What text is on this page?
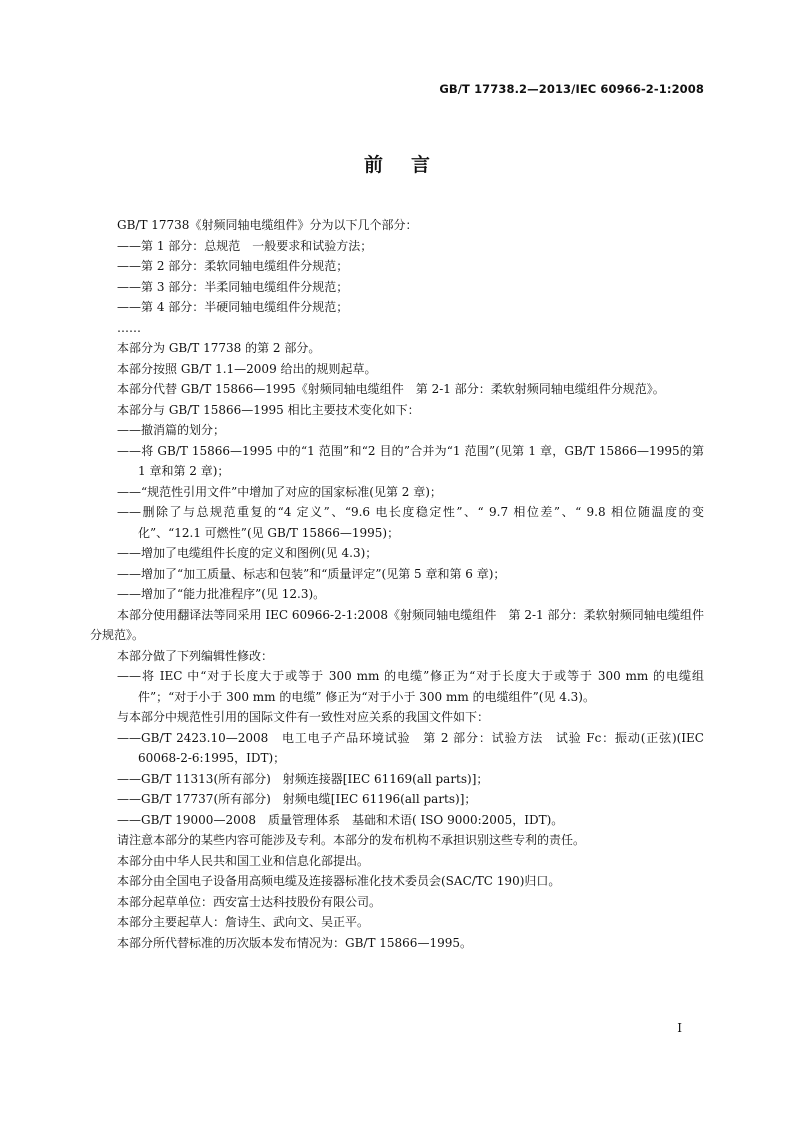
GB/T 17738.2—2013/IEC 60966-2-1:2008
前言

GB/T 17738《射频同轴电缆组件》分为以下几个部分：

——第 1 部分：总规范　一般要求和试验方法；

——第 2 部分：柔软同轴电缆组件分规范；

——第 3 部分：半柔同轴电缆组件分规范；

——第 4 部分：半硬同轴电缆组件分规范；

……

本部分为 GB/T 17738 的第 2 部分。

本部分按照 GB/T 1.1—2009 给出的规则起草。

本部分代替 GB/T 15866—1995《射频同轴电缆组件　第 2-1 部分：柔软射频同轴电缆组件分规范》。

本部分与 GB/T 15866—1995 相比主要技术变化如下：

——撤消篇的划分；

——将 GB/T 15866—1995 中的“1 范围”和“2 目的”合并为“1 范围”(见第 1 章，GB/T 15866—1995的第 1 章和第 2 章)；

——“规范性引用文件”中增加了对应的国家标准(见第 2 章)；

——删除了与总规范重复的“4 定义”、“9.6 电长度稳定性”、“ 9.7 相位差”、“ 9.8 相位随温度的变化”、“12.1 可燃性”(见 GB/T 15866—1995)；

——增加了电缆组件长度的定义和图例(见 4.3)；

——增加了“加工质量、标志和包装”和“质量评定”(见第 5 章和第 6 章)；

——增加了“能力批准程序”(见 12.3)。

本部分使用翻译法等同采用 IEC 60966-2-1:2008《射频同轴电缆组件　第 2-1 部分：柔软射频同轴电缆组件分规范》。

本部分做了下列编辑性修改：

——将 IEC 中“对于长度大于或等于 300 mm 的电缆”修正为“对于长度大于或等于 300 mm 的电缆组件”；“对于小于 300 mm 的电缆” 修正为“对于小于 300 mm 的电缆组件”(见 4.3)。

与本部分中规范性引用的国际文件有一致性对应关系的我国文件如下：

——GB/T 2423.10—2008　电工电子产品环境试验　第 2 部分：试验方法　试验 Fc：振动(正弦)(IEC 60068-2-6:1995，IDT)；

——GB/T 11313(所有部分)　射频连接器[IEC 61169(all parts)]；

——GB/T 17737(所有部分)　射频电缆[IEC 61196(all parts)]；

——GB/T 19000—2008　质量管理体系　基础和术语( ISO 9000:2005，IDT)。

请注意本部分的某些内容可能涉及专利。本部分的发布机构不承担识别这些专利的责任。

本部分由中华人民共和国工业和信息化部提出。

本部分由全国电子设备用高频电缆及连接器标准化技术委员会(SAC/TC 190)归口。

本部分起草单位：西安富士达科技股份有限公司。

本部分主要起草人：詹诗生、武向文、吴正平。

本部分所代替标准的历次版本发布情况为：GB/T 15866—1995。

I
